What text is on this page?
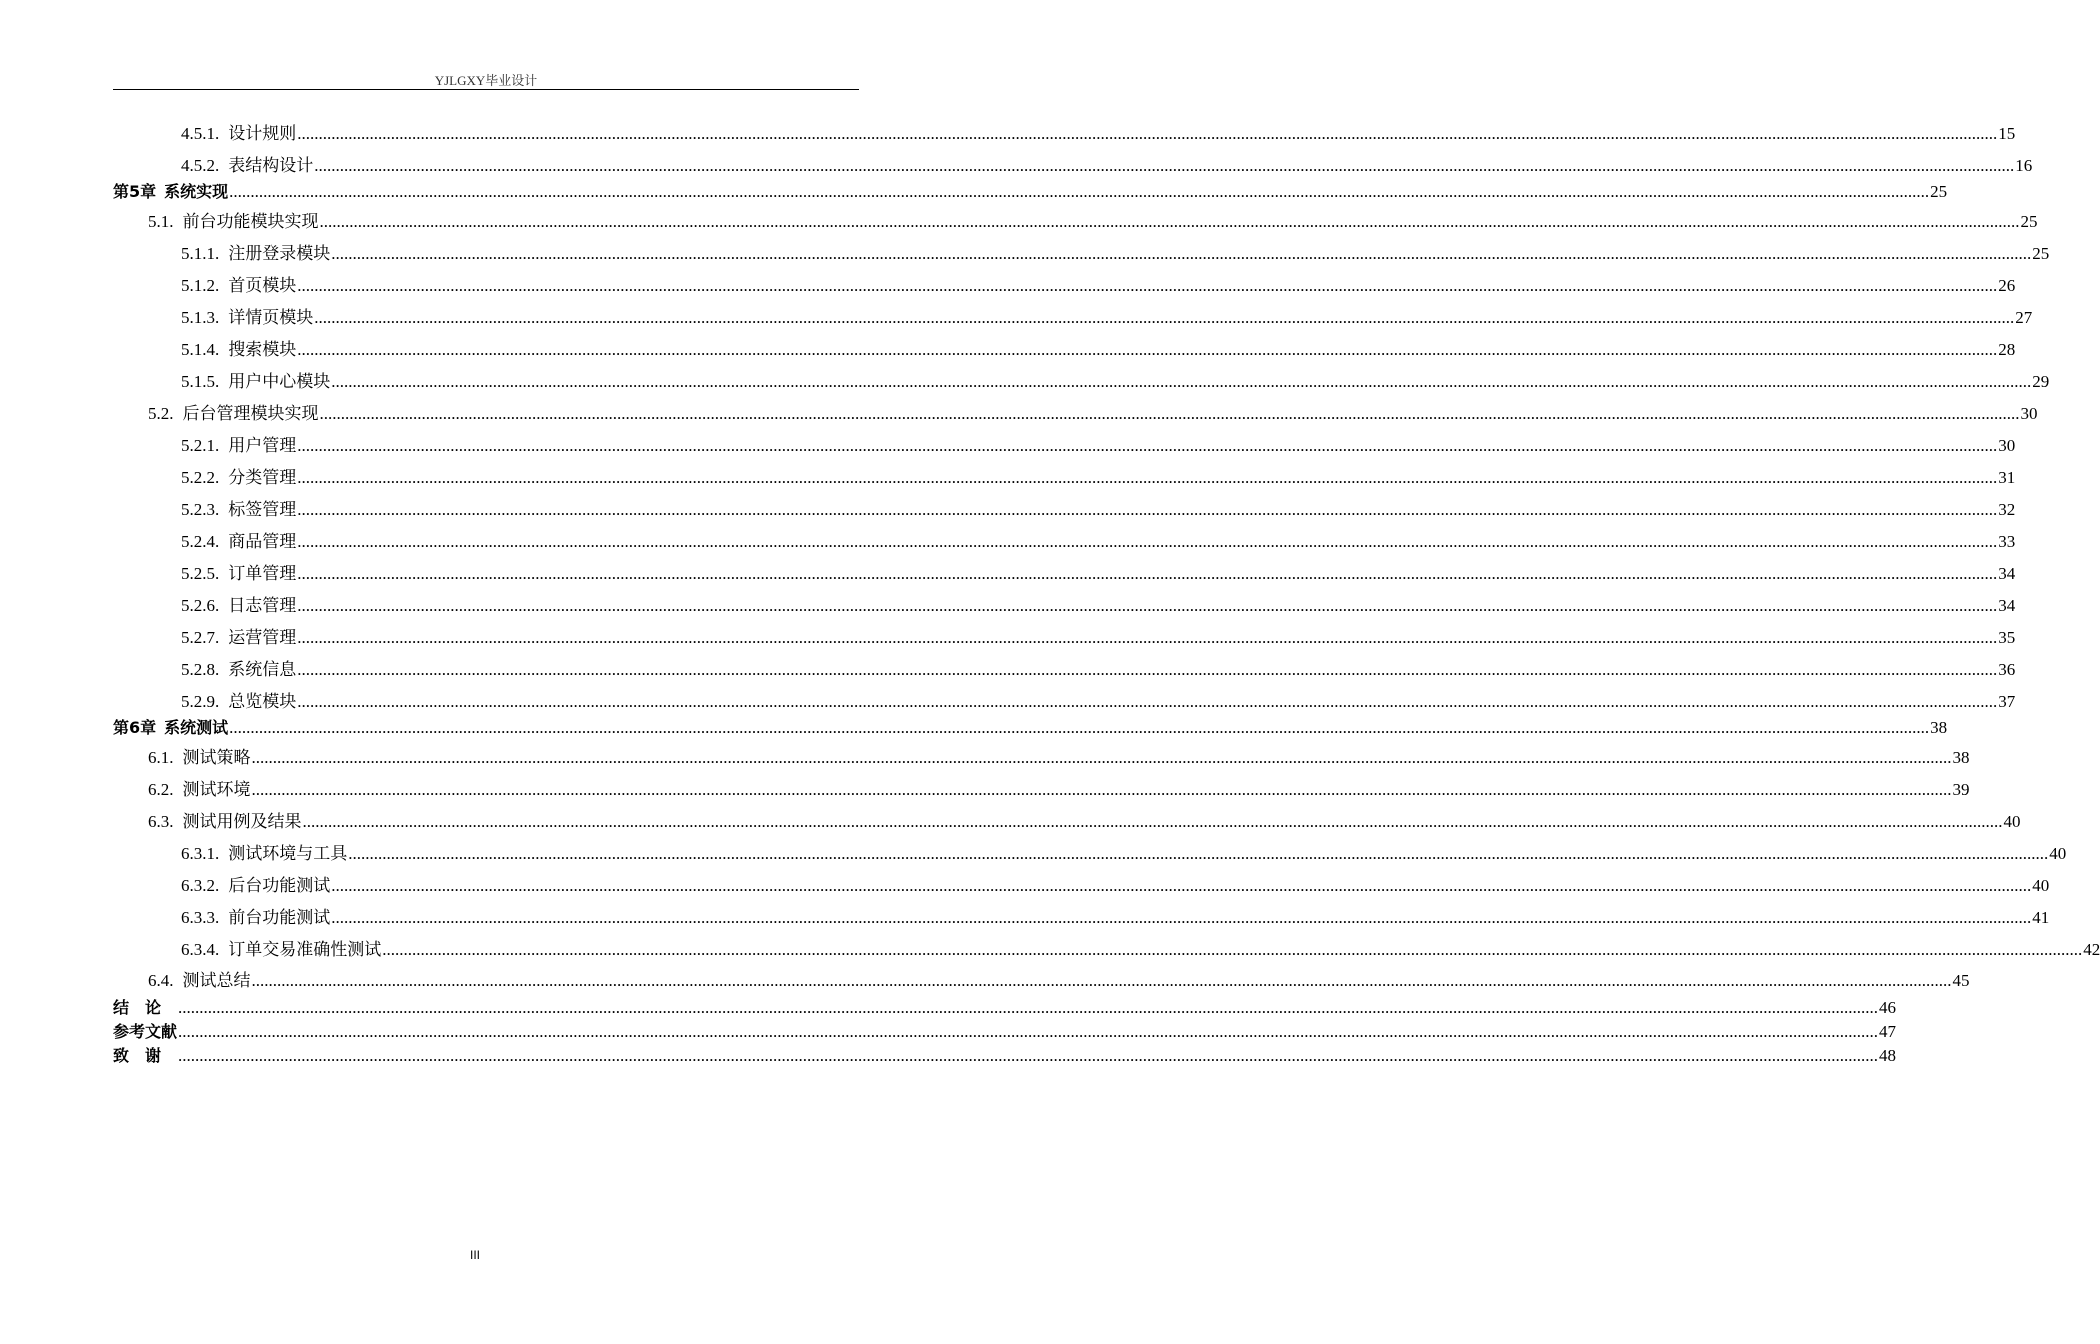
YJLGXY毕业设计
4.5.1. 设计规则 ................................................................................................................................................................................................................................................................................................................................................................................................................ 15
4.5.2. 表结构设计 ................................................................................................................................................................................................................................................................................................................................................................................................................ 16
第5章 系统实现 ................................................................................................................................................................................................................................................................................................................................................................................................................ 25
5.1. 前台功能模块实现 ................................................................................................................................................................................................................................................................................................................................................................................................................ 25
5.1.1. 注册登录模块 ................................................................................................................................................................................................................................................................................................................................................................................................................ 25
5.1.2. 首页模块 ................................................................................................................................................................................................................................................................................................................................................................................................................ 26
5.1.3. 详情页模块 ................................................................................................................................................................................................................................................................................................................................................................................................................ 27
5.1.4. 搜索模块 ................................................................................................................................................................................................................................................................................................................................................................................................................ 28
5.1.5. 用户中心模块 ................................................................................................................................................................................................................................................................................................................................................................................................................ 29
5.2. 后台管理模块实现 ................................................................................................................................................................................................................................................................................................................................................................................................................ 30
5.2.1. 用户管理 ................................................................................................................................................................................................................................................................................................................................................................................................................ 30
5.2.2. 分类管理 ................................................................................................................................................................................................................................................................................................................................................................................................................ 31
5.2.3. 标签管理 ................................................................................................................................................................................................................................................................................................................................................................................................................ 32
5.2.4. 商品管理 ................................................................................................................................................................................................................................................................................................................................................................................................................ 33
5.2.5. 订单管理 ................................................................................................................................................................................................................................................................................................................................................................................................................ 34
5.2.6. 日志管理 ................................................................................................................................................................................................................................................................................................................................................................................................................ 34
5.2.7. 运营管理 ................................................................................................................................................................................................................................................................................................................................................................................................................ 35
5.2.8. 系统信息 ................................................................................................................................................................................................................................................................................................................................................................................................................ 36
5.2.9. 总览模块 ................................................................................................................................................................................................................................................................................................................................................................................................................ 37
第6章 系统测试 ................................................................................................................................................................................................................................................................................................................................................................................................................ 38
6.1. 测试策略 ................................................................................................................................................................................................................................................................................................................................................................................................................ 38
6.2. 测试环境 ................................................................................................................................................................................................................................................................................................................................................................................................................ 39
6.3. 测试用例及结果 ................................................................................................................................................................................................................................................................................................................................................................................................................ 40
6.3.1. 测试环境与工具 ................................................................................................................................................................................................................................................................................................................................................................................................................ 40
6.3.2. 后台功能测试 ................................................................................................................................................................................................................................................................................................................................................................................................................ 40
6.3.3. 前台功能测试 ................................................................................................................................................................................................................................................................................................................................................................................................................ 41
6.3.4. 订单交易准确性测试 ................................................................................................................................................................................................................................................................................................................................................................................................................ 42
6.4. 测试总结 ................................................................................................................................................................................................................................................................................................................................................................................................................ 45
结论 ................................................................................................................................................................................................................................................................................................................................................................................................................ 46
参考文献 ................................................................................................................................................................................................................................................................................................................................................................................................................ 47
致谢 ................................................................................................................................................................................................................................................................................................................................................................................................................ 48
III
